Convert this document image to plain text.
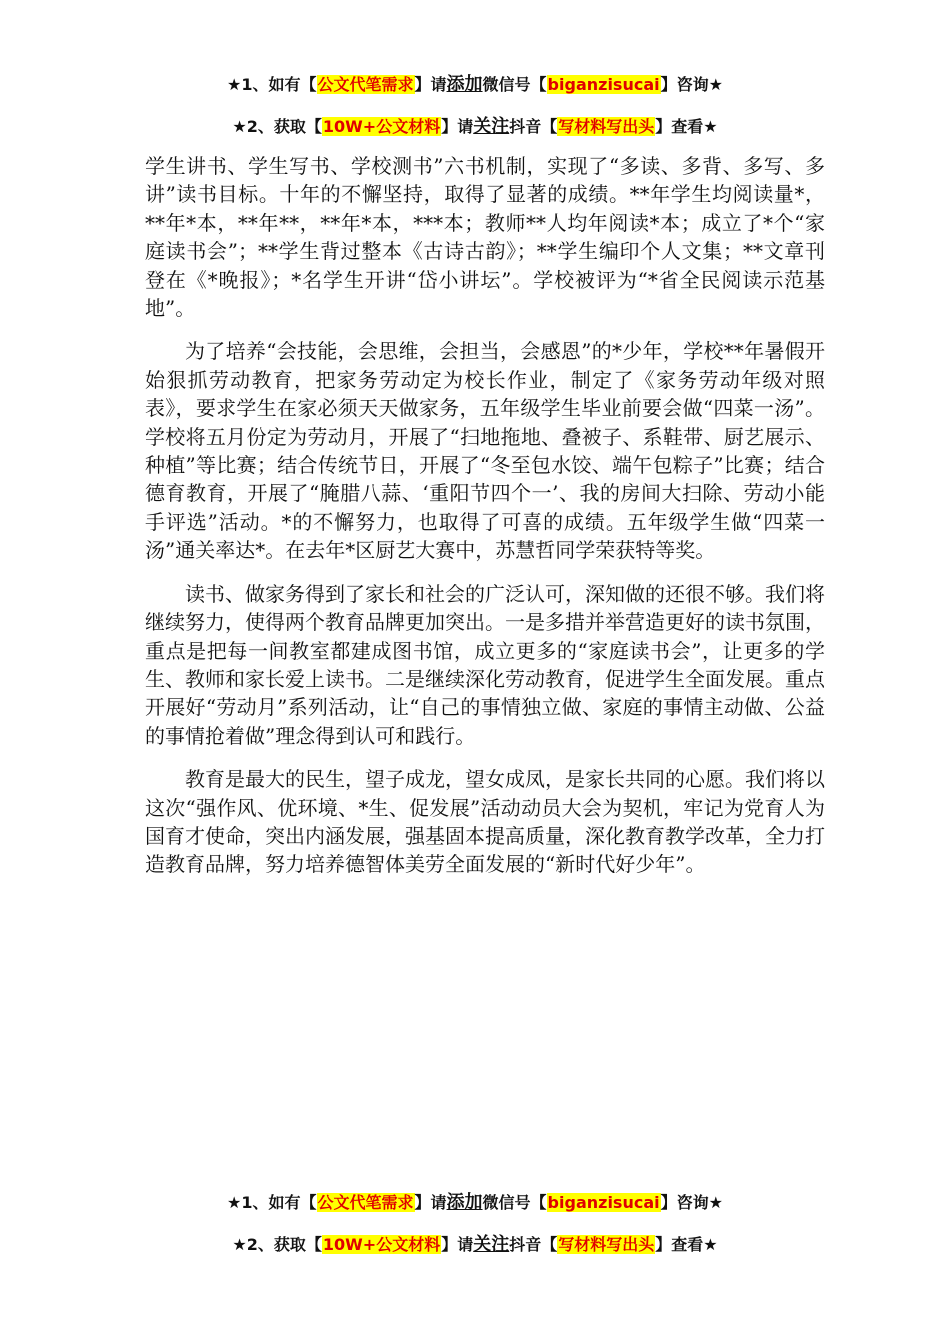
★1、如有【公文代笔需求】请添加微信号【biganzisucai】咨询★
★2、获取【10W+公文材料】请关注抖音【写材料写出头】查看★

学生讲书、学生写书、学校测书”六书机制，实现了“多读、多背、多写、多讲”读书目标。十年的不懈坚持，取得了显著的成绩。**年学生均阅读量*，**年*本，**年**，**年*本，***本；教师**人均年阅读*本；成立了*个“家庭读书会”；**学生背过整本《古诗古韵》；**学生编印个人文集；**文章刊登在《*晚报》；*名学生开讲“岱小讲坛”。学校被评为“*省全民阅读示范基地”。

为了培养“会技能，会思维，会担当，会感恩”的*少年，学校**年暑假开始狠抓劳动教育，把家务劳动定为校长作业，制定了《家务劳动年级对照表》，要求学生在家必须天天做家务，五年级学生毕业前要会做“四菜一汤”。学校将五月份定为劳动月，开展了“扫地拖地、叠被子、系鞋带、厨艺展示、种植”等比赛；结合传统节日，开展了“冬至包水饺、端午包粽子”比赛；结合德育教育，开展了“腌腊八蒜、‘重阳节四个一’、我的房间大扫除、劳动小能手评选”活动。*的不懈努力，也取得了可喜的成绩。五年级学生做“四菜一汤”通关率达*。在去年*区厨艺大赛中，苏慧哲同学荣获特等奖。

读书、做家务得到了家长和社会的广泛认可，深知做的还很不够。我们将继续努力，使得两个教育品牌更加突出。一是多措并举营造更好的读书氛围，重点是把每一间教室都建成图书馆，成立更多的“家庭读书会”，让更多的学生、教师和家长爱上读书。二是继续深化劳动教育，促进学生全面发展。重点开展好“劳动月”系列活动，让“自己的事情独立做、家庭的事情主动做、公益的事情抢着做”理念得到认可和践行。

教育是最大的民生，望子成龙，望女成凤，是家长共同的心愿。我们将以这次“强作风、优环境、*生、促发展”活动动员大会为契机，牢记为党育人为国育才使命，突出内涵发展，强基固本提高质量，深化教育教学改革，全力打造教育品牌，努力培养德智体美劳全面发展的“新时代好少年”。

★1、如有【公文代笔需求】请添加微信号【biganzisucai】咨询★
★2、获取【10W+公文材料】请关注抖音【写材料写出头】查看★
